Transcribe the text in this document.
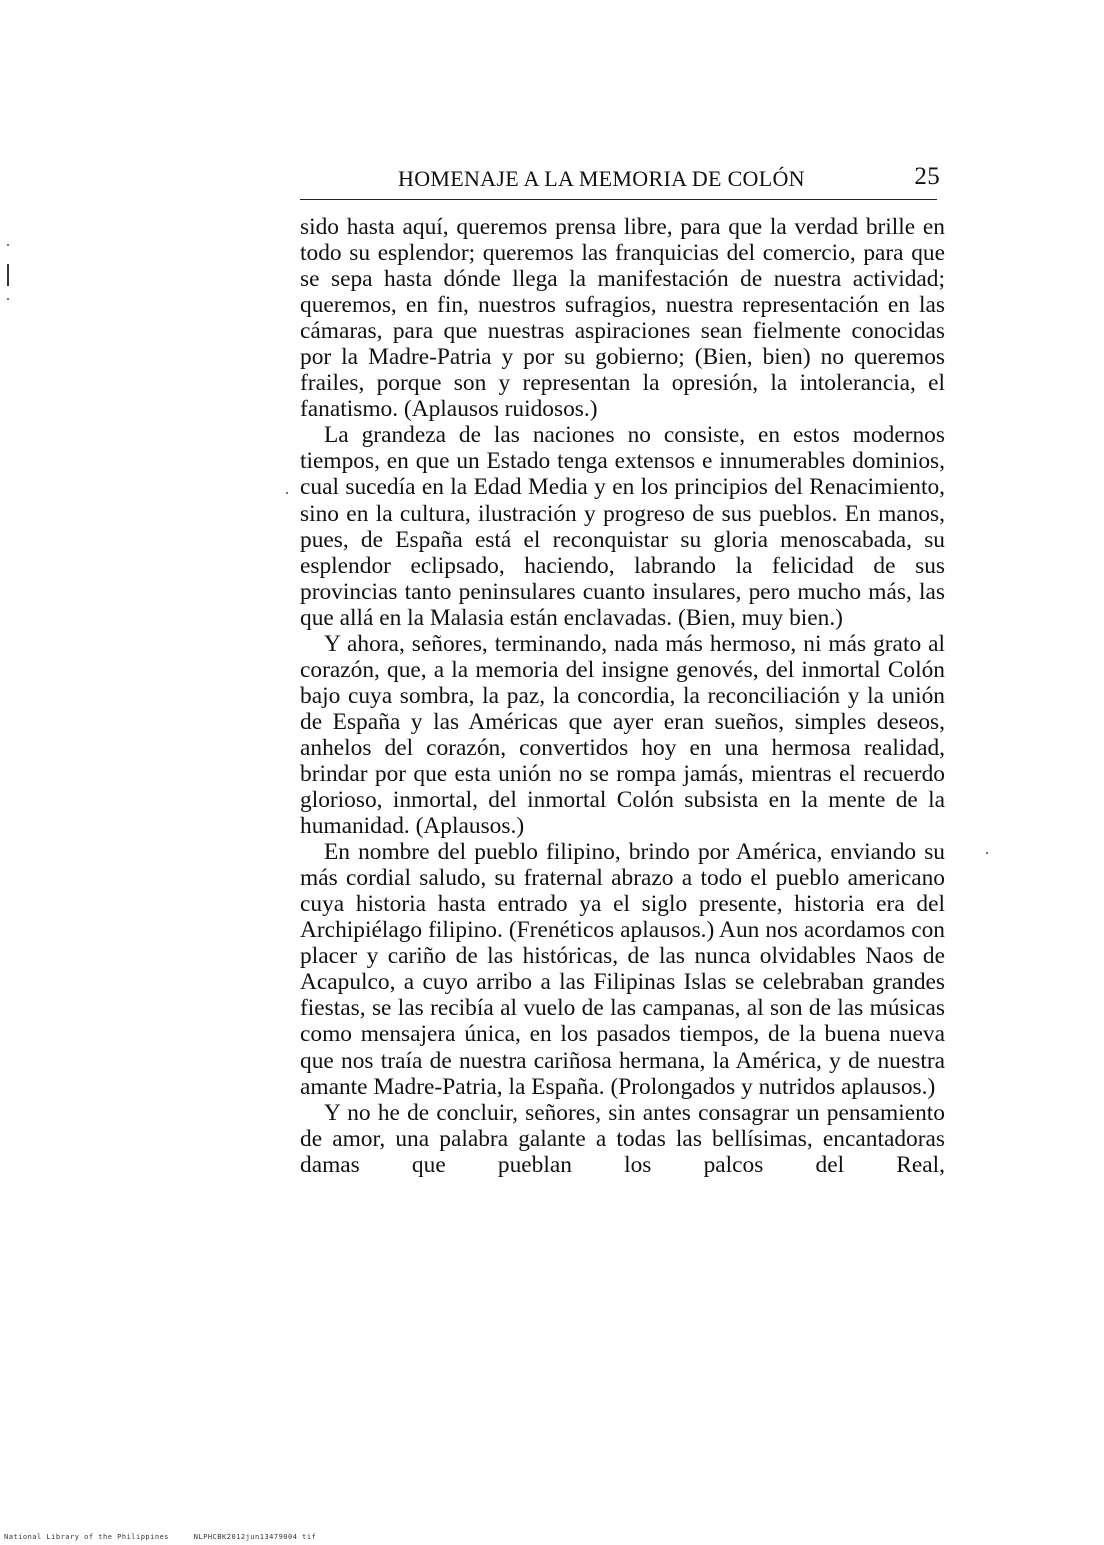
HOMENAJE A LA MEMORIA DE COLÓN	25

sido hasta aquí, queremos prensa libre, para que la verdad brille en todo su esplendor; queremos las franquicias del comercio, para que se sepa hasta dónde llega la manifestación de nuestra actividad; queremos, en fin, nuestros sufragios, nuestra representación en las cámaras, para que nuestras aspiraciones sean fielmente conocidas por la Madre-Patria y por su gobierno; (Bien, bien) no queremos frailes, porque son y representan la opresión, la intolerancia, el fanatismo. (Aplausos ruidosos.)

La grandeza de las naciones no consiste, en estos modernos tiempos, en que un Estado tenga extensos e innumerables dominios, cual sucedía en la Edad Media y en los principios del Renacimiento, sino en la cultura, ilustración y progreso de sus pueblos. En manos, pues, de España está el reconquistar su gloria menoscabada, su esplendor eclipsado, haciendo, labrando la felicidad de sus provincias tanto peninsulares cuanto insulares, pero mucho más, las que allá en la Malasia están enclavadas. (Bien, muy bien.)

Y ahora, señores, terminando, nada más hermoso, ni más grato al corazón, que, a la memoria del insigne genovés, del inmortal Colón bajo cuya sombra, la paz, la concordia, la reconciliación y la unión de España y las Américas que ayer eran sueños, simples deseos, anhelos del corazón, convertidos hoy en una hermosa realidad, brindar por que esta unión no se rompa jamás, mientras el recuerdo glorioso, inmortal, del inmortal Colón subsista en la mente de la humanidad. (Aplausos.)

En nombre del pueblo filipino, brindo por América, enviando su más cordial saludo, su fraternal abrazo a todo el pueblo americano cuya historia hasta entrado ya el siglo presente, historia era del Archipiélago filipino. (Frenéticos aplausos.) Aun nos acordamos con placer y cariño de las históricas, de las nunca olvidables Naos de Acapulco, a cuyo arribo a las Filipinas Islas se celebraban grandes fiestas, se las recibía al vuelo de las campanas, al son de las músicas como mensajera única, en los pasados tiempos, de la buena nueva que nos traía de nuestra cariñosa hermana, la América, y de nuestra amante Madre-Patria, la España. (Prolongados y nutridos aplausos.)

Y no he de concluir, señores, sin antes consagrar un pensamiento de amor, una palabra galante a todas las bellísimas, encantadoras damas que pueblan los palcos del Real,

National Library of the Philippines	NLPHCBK2012jun13479004 tif
